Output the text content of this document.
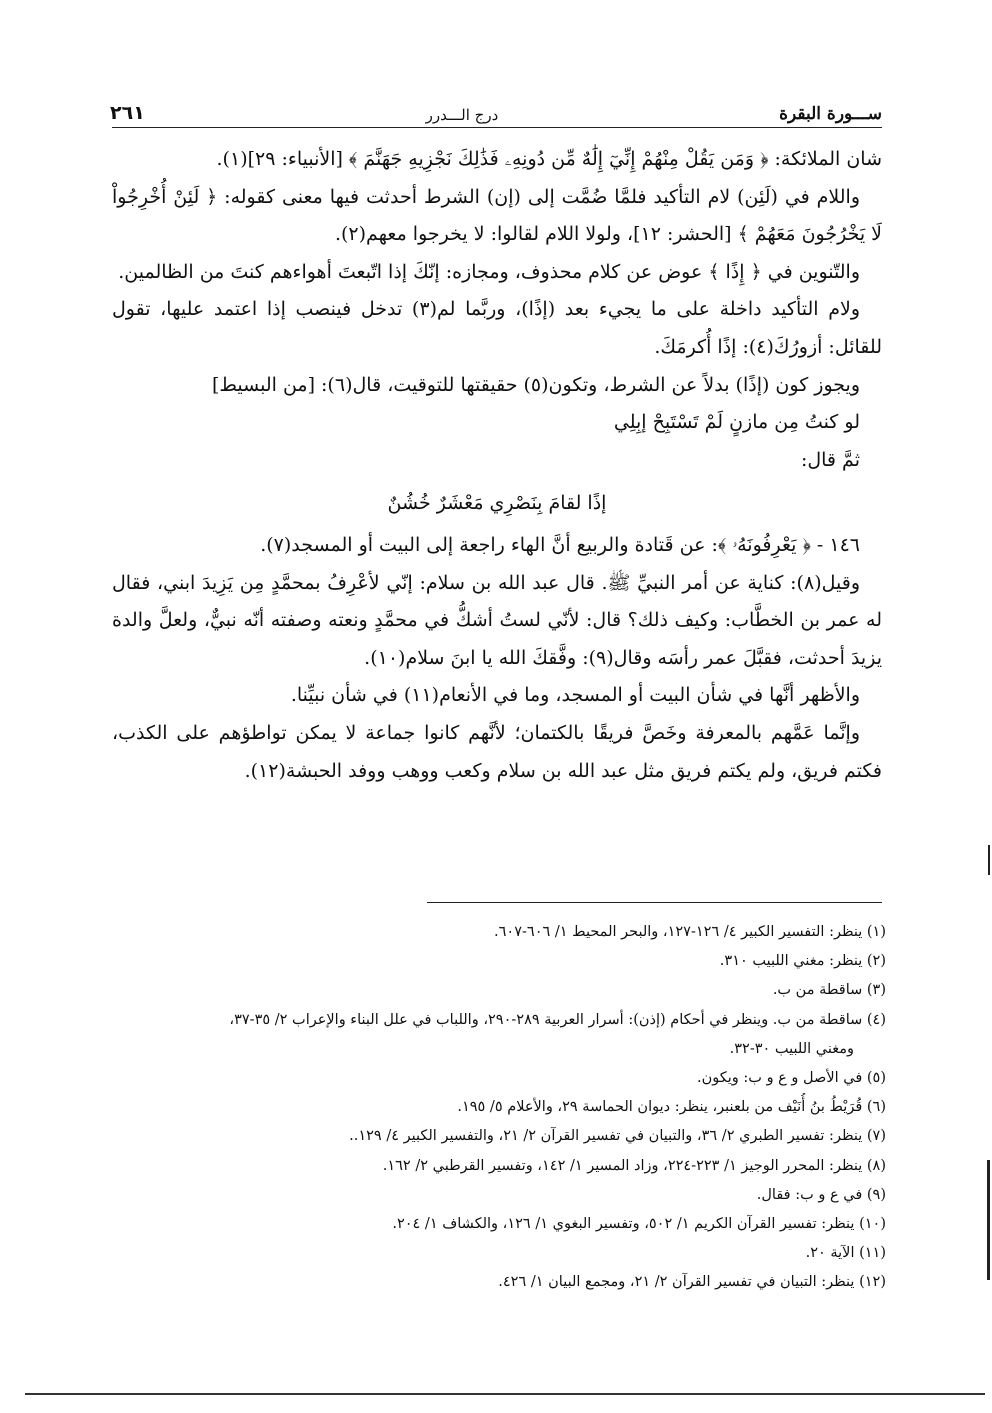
ســـورة البقرة
درج الـــدرر
٢٦١

شان الملائكة: ﴿ وَمَن يَقُلْ مِنْهُمْ إِنِّيٓ إِلَٰهٌ مِّن دُونِهِۦ فَذَٰلِكَ نَجْزِيهِ جَهَنَّمَ ﴾ [الأنبياء: ٢٩](١).

واللام في (لَئِن) لام التأكيد فلمَّا ضُمَّت إلى (إن) الشرط أحدثت فيها معنى كقوله: ﴿ لَئِنْ أُخْرِجُواْ لَا يَخْرُجُونَ مَعَهُمْ ﴾ [الحشر: ١٢]، ولولا اللام لقالوا: لا يخرجوا معهم(٢).

والتّنوين في ﴿ إِذًا ﴾ عوض عن كلام محذوف، ومجازه: إنّكَ إذا اتّبعتَ أهواءهم كنتَ من الظالمين.

ولام التأكيد داخلة على ما يجيء بعد (إذًا)، وربَّما لم(٣) تدخل فينصب إذا اعتمد عليها، تقول للقائل: أزورُكَ(٤): إذًا أُكرمَكَ.

ويجوز كون (إذًا) بدلاً عن الشرط، وتكون(٥) حقيقتها للتوقيت، قال(٦): [من البسيط]

لو كنتُ مِن مازنٍ لَمْ تَسْتَبِحْ إبِلِي
ثمَّ قال:
إذًا لقامَ بِنَصْرِي مَعْشَرٌ خُشُنٌ

١٤٦ - ﴿ يَعْرِفُونَهُۥ ﴾: عن قَتادة والربيع أنَّ الهاء راجعة إلى البيت أو المسجد(٧).

وقيل(٨): كناية عن أمر النبيِّ ﷺ. قال عبد الله بن سلام: إنّي لأعْرِفُ بمحمَّدٍ مِن يَزِيدَ ابني، فقال له عمر بن الخطَّاب: وكيف ذلك؟ قال: لأنّي لستُ أشكُّ في محمَّدٍ ونعته وصفته أنّه نبيٌّ، ولعلَّ والدة يزيدَ أحدثت، فقبَّلَ عمر رأسَه وقال(٩): وفَّقكَ الله يا ابنَ سلام(١٠).

والأظهر أنَّها في شأن البيت أو المسجد، وما في الأنعام(١١) في شأن نبيِّنا.

وإنَّما عَمَّهم بالمعرفة وخَصَّ فريقًا بالكتمان؛ لأنَّهم كانوا جماعة لا يمكن تواطؤهم على الكذب، فكتم فريق، ولم يكتم فريق مثل عبد الله بن سلام وكعب ووهب ووفد الحبشة(١٢).

(١) ينظر: التفسير الكبير ٤/ ١٢٦-١٢٧، والبحر المحيط ١/ ٦٠٦-٦٠٧.
(٢) ينظر: مغني اللبيب ٣١٠.
(٣) ساقطة من ب.
(٤) ساقطة من ب. وينظر في أحكام (إذن): أسرار العربية ٢٨٩-٢٩٠، واللباب في علل البناء والإعراب ٢/ ٣٥-٣٧،
ومغني اللبيب ٣٠-٣٢.
(٥) في الأصل و ع و ب: ويكون.
(٦) قُرَيْطُ بنُ أُنَيْف من بلعنبر، ينظر: ديوان الحماسة ٢٩، والأعلام ٥/ ١٩٥.
(٧) ينظر: تفسير الطبري ٢/ ٣٦، والتبيان في تفسير القرآن ٢/ ٢١، والتفسير الكبير ٤/ ١٢٩..
(٨) ينظر: المحرر الوجيز ١/ ٢٢٣-٢٢٤، وزاد المسير ١/ ١٤٢، وتفسير القرطبي ٢/ ١٦٢.
(٩) في ع و ب: فقال.
(١٠) ينظر: تفسير القرآن الكريم ١/ ٥٠٢، وتفسير البغوي ١/ ١٢٦، والكشاف ١/ ٢٠٤.
(١١) الآية ٢٠.
(١٢) ينظر: التبيان في تفسير القرآن ٢/ ٢١، ومجمع البيان ١/ ٤٢٦.
